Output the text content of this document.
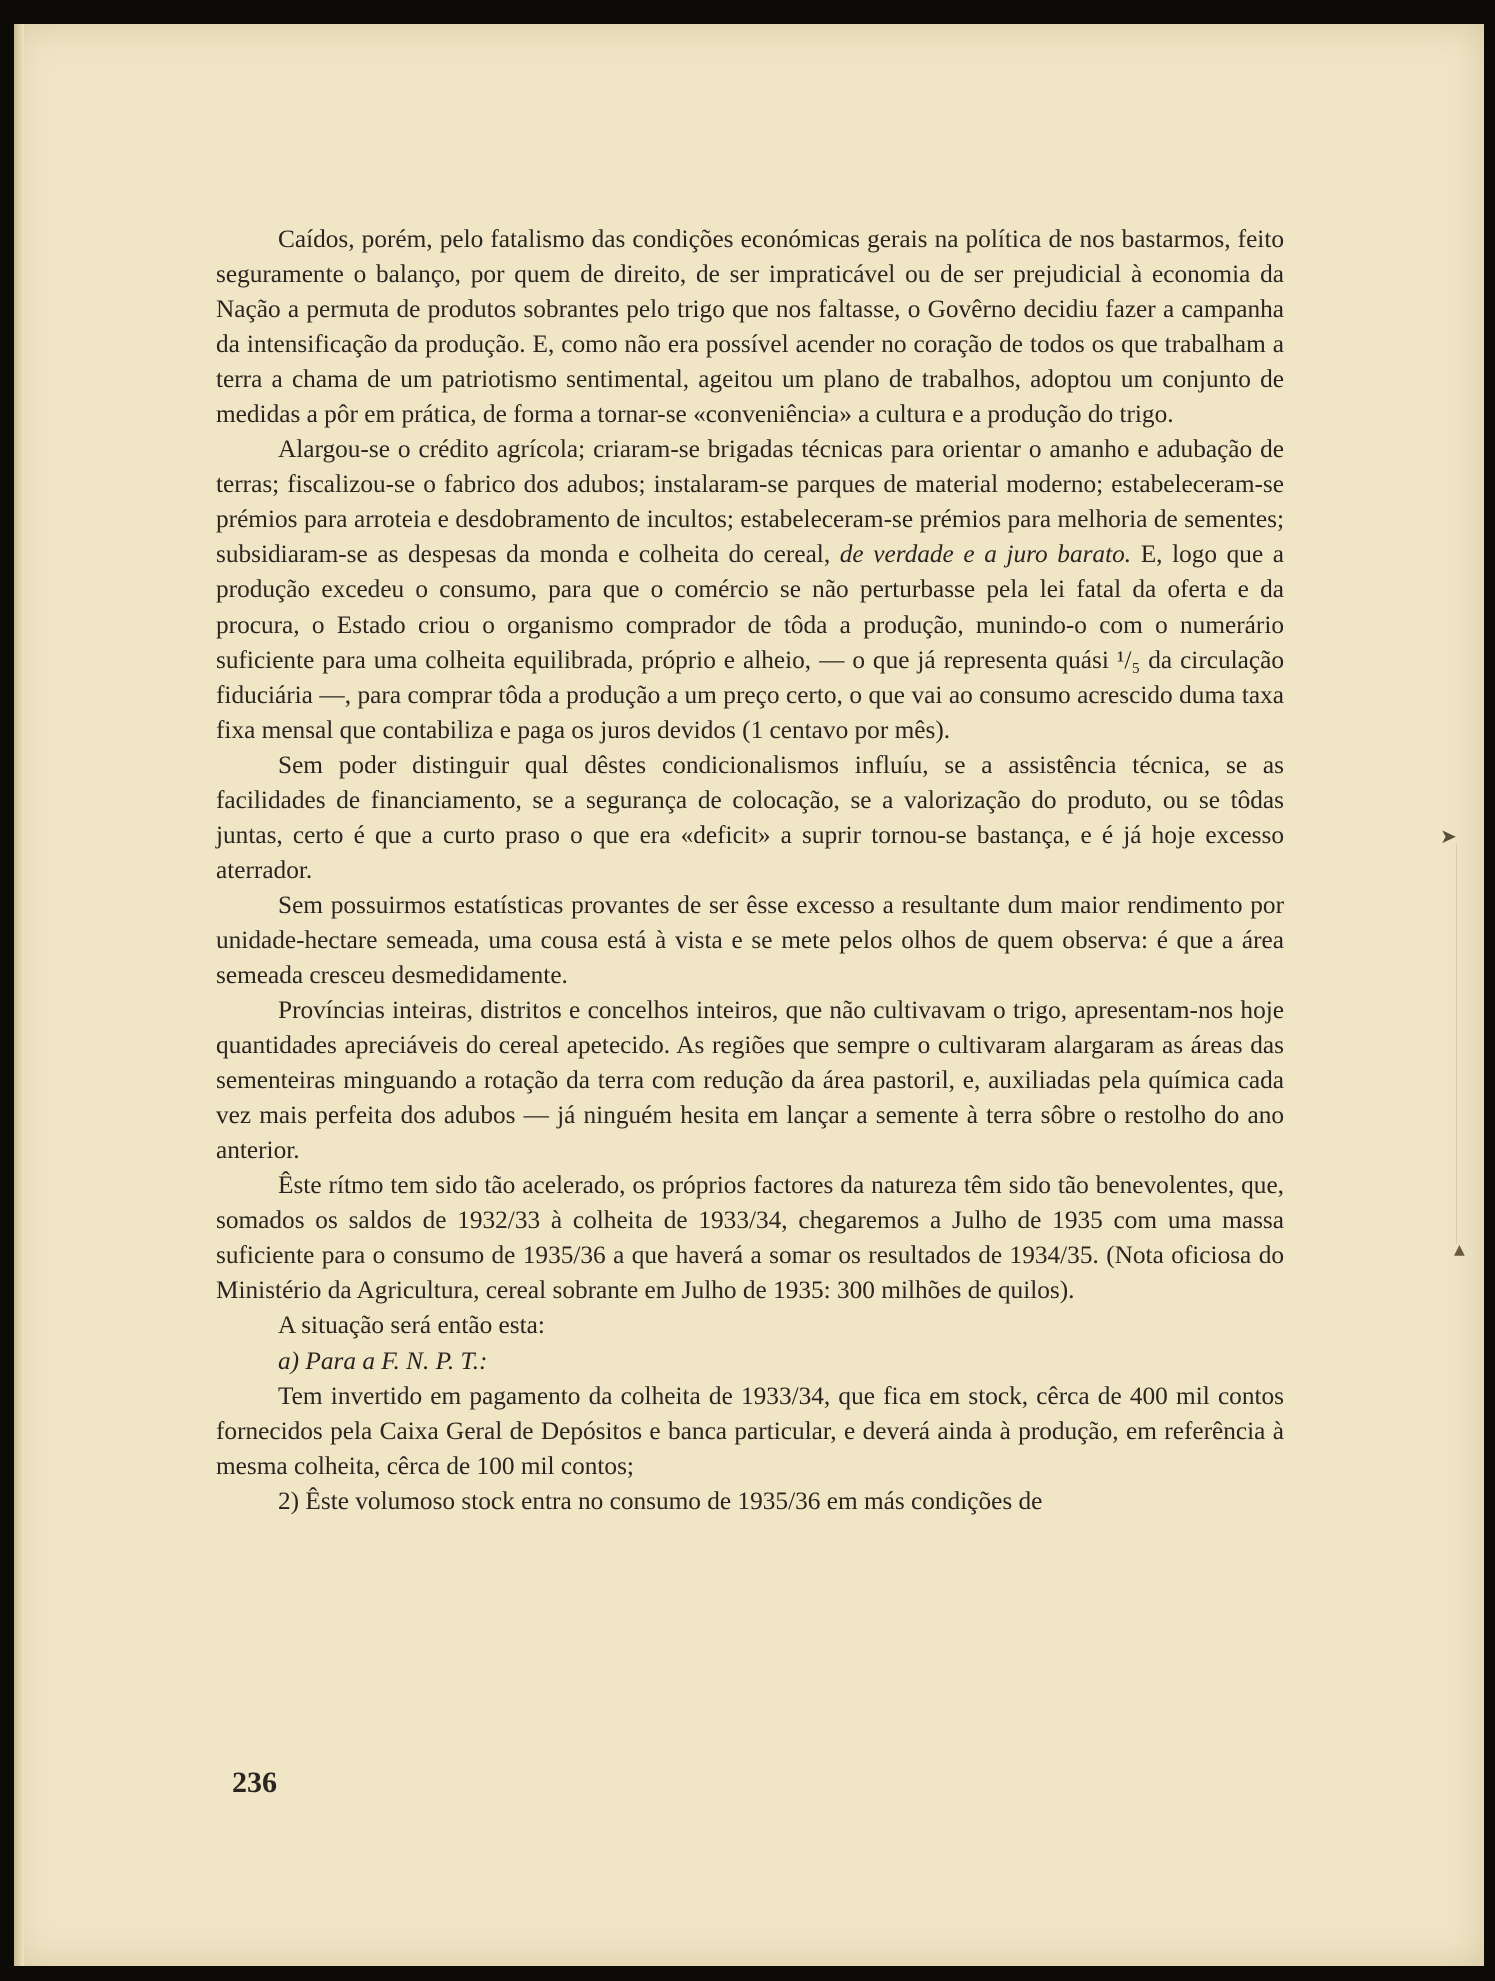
Caídos, porém, pelo fatalismo das condições económicas gerais na política de nos bastarmos, feito seguramente o balanço, por quem de direito, de ser impraticável ou de ser prejudicial à economia da Nação a permuta de produtos sobrantes pelo trigo que nos faltasse, o Govêrno decidiu fazer a campanha da intensificação da produção. E, como não era possível acender no coração de todos os que trabalham a terra a chama de um patriotismo sentimental, ageitou um plano de trabalhos, adoptou um conjunto de medidas a pôr em prática, de forma a tornar-se «conveniência» a cultura e a produção do trigo.

Alargou-se o crédito agrícola; criaram-se brigadas técnicas para orientar o amanho e adubação de terras; fiscalizou-se o fabrico dos adubos; instalaram-se parques de material moderno; estabeleceram-se prémios para arroteia e desdobramento de incultos; estabeleceram-se prémios para melhoria de sementes; subsidiaram-se as despesas da monda e colheita do cereal, de verdade e a juro barato. E, logo que a produção excedeu o consumo, para que o comércio se não perturbasse pela lei fatal da oferta e da procura, o Estado criou o organismo comprador de tôda a produção, munindo-o com o numerário suficiente para uma colheita equilibrada, próprio e alheio, — o que já representa quási ¹/₅ da circulação fiduciária —, para comprar tôda a produção a um preço certo, o que vai ao consumo acrescido duma taxa fixa mensal que contabiliza e paga os juros devidos (1 centavo por mês).

Sem poder distinguir qual dêstes condicionalismos influíu, se a assistência técnica, se as facilidades de financiamento, se a segurança de colocação, se a valorização do produto, ou se tôdas juntas, certo é que a curto praso o que era «deficit» a suprir tornou-se bastança, e é já hoje excesso aterrador.

Sem possuirmos estatísticas provantes de ser êsse excesso a resultante dum maior rendimento por unidade-hectare semeada, uma cousa está à vista e se mete pelos olhos de quem observa: é que a área semeada cresceu desmedidamente.

Províncias inteiras, distritos e concelhos inteiros, que não cultivavam o trigo, apresentam-nos hoje quantidades apreciáveis do cereal apetecido. As regiões que sempre o cultivaram alargaram as áreas das sementeiras minguando a rotação da terra com redução da área pastoril, e, auxiliadas pela química cada vez mais perfeita dos adubos — já ninguém hesita em lançar a semente à terra sôbre o restolho do ano anterior.

Êste rítmo tem sido tão acelerado, os próprios factores da natureza têm sido tão benevolentes, que, somados os saldos de 1932/33 à colheita de 1933/34, chegaremos a Julho de 1935 com uma massa suficiente para o consumo de 1935/36 a que haverá a somar os resultados de 1934/35. (Nota oficiosa do Ministério da Agricultura, cereal sobrante em Julho de 1935: 300 milhões de quilos).

A situação será então esta:

a) Para a F. N. P. T.:

Tem invertido em pagamento da colheita de 1933/34, que fica em stock, cêrca de 400 mil contos fornecidos pela Caixa Geral de Depósitos e banca particular, e deverá ainda à produção, em referência à mesma colheita, cêrca de 100 mil contos;

2) Êste volumoso stock entra no consumo de 1935/36 em más condições de

236
➤
▲
